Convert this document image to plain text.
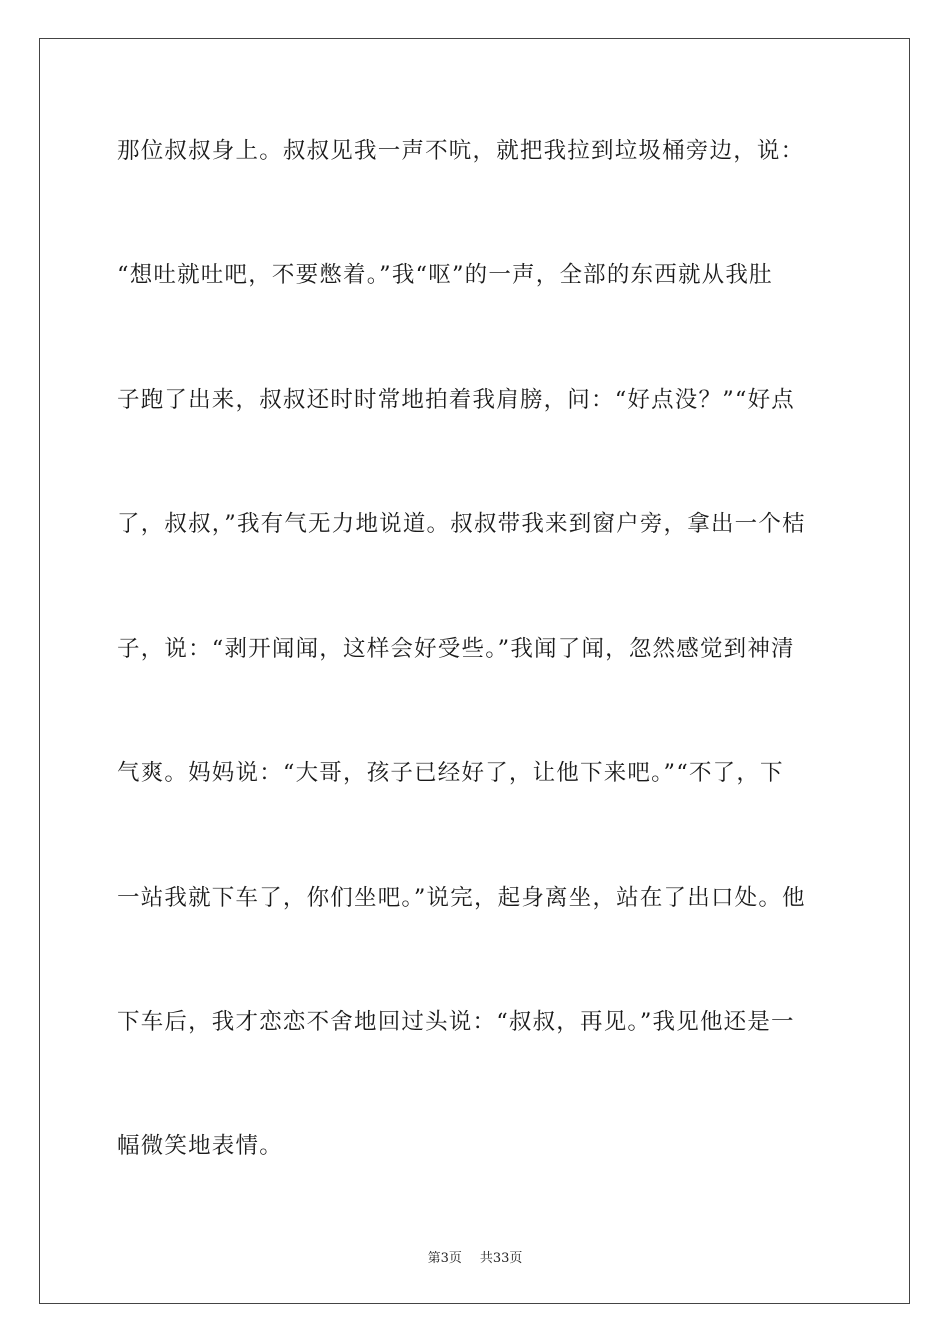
那位叔叔身上。叔叔见我一声不吭，就把我拉到垃圾桶旁边，说：
“想吐就吐吧，不要憋着。”我“呕”的一声，全部的东西就从我肚
子跑了出来，叔叔还时时常地拍着我肩膀，问：“好点没？”“好点
了，叔叔，”我有气无力地说道。叔叔带我来到窗户旁，拿出一个桔
子，说：“剥开闻闻，这样会好受些。”我闻了闻，忽然感觉到神清
气爽。妈妈说：“大哥，孩子已经好了，让他下来吧。”“不了，下
一站我就下车了，你们坐吧。”说完，起身离坐，站在了出口处。他
下车后，我才恋恋不舍地回过头说：“叔叔，再见。”我见他还是一
幅微笑地表情。
第3页 共33页
